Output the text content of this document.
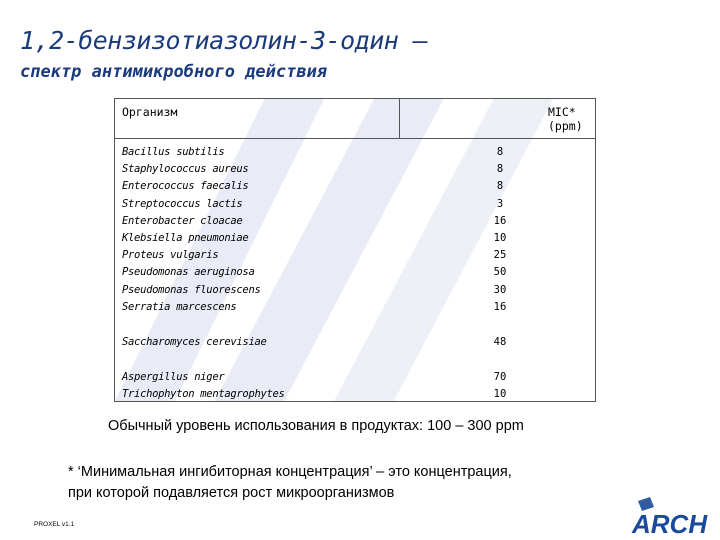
1,2-бензизотиазолин-3-один –
спектр антимикробного действия
Организм	MIC* (ppm)
Bacillus subtilis	8
Staphylococcus aureus	8
Enterococcus faecalis	8
Streptococcus lactis	3
Enterobacter cloacae	16
Klebsiella pneumoniae	10
Proteus vulgaris	25
Pseudomonas aeruginosa	50
Pseudomonas fluorescens	30
Serratia marcescens	16
Saccharomyces cerevisiae	48
Aspergillus niger	70
Trichophyton mentagrophytes	10
Обычный уровень использования в продуктах: 100 – 300 ppm
* ‘Минимальная ингибиторная концентрация’ – это концентрация,
при которой подавляется рост микроорганизмов
PROXEL v1.1	ARCH
